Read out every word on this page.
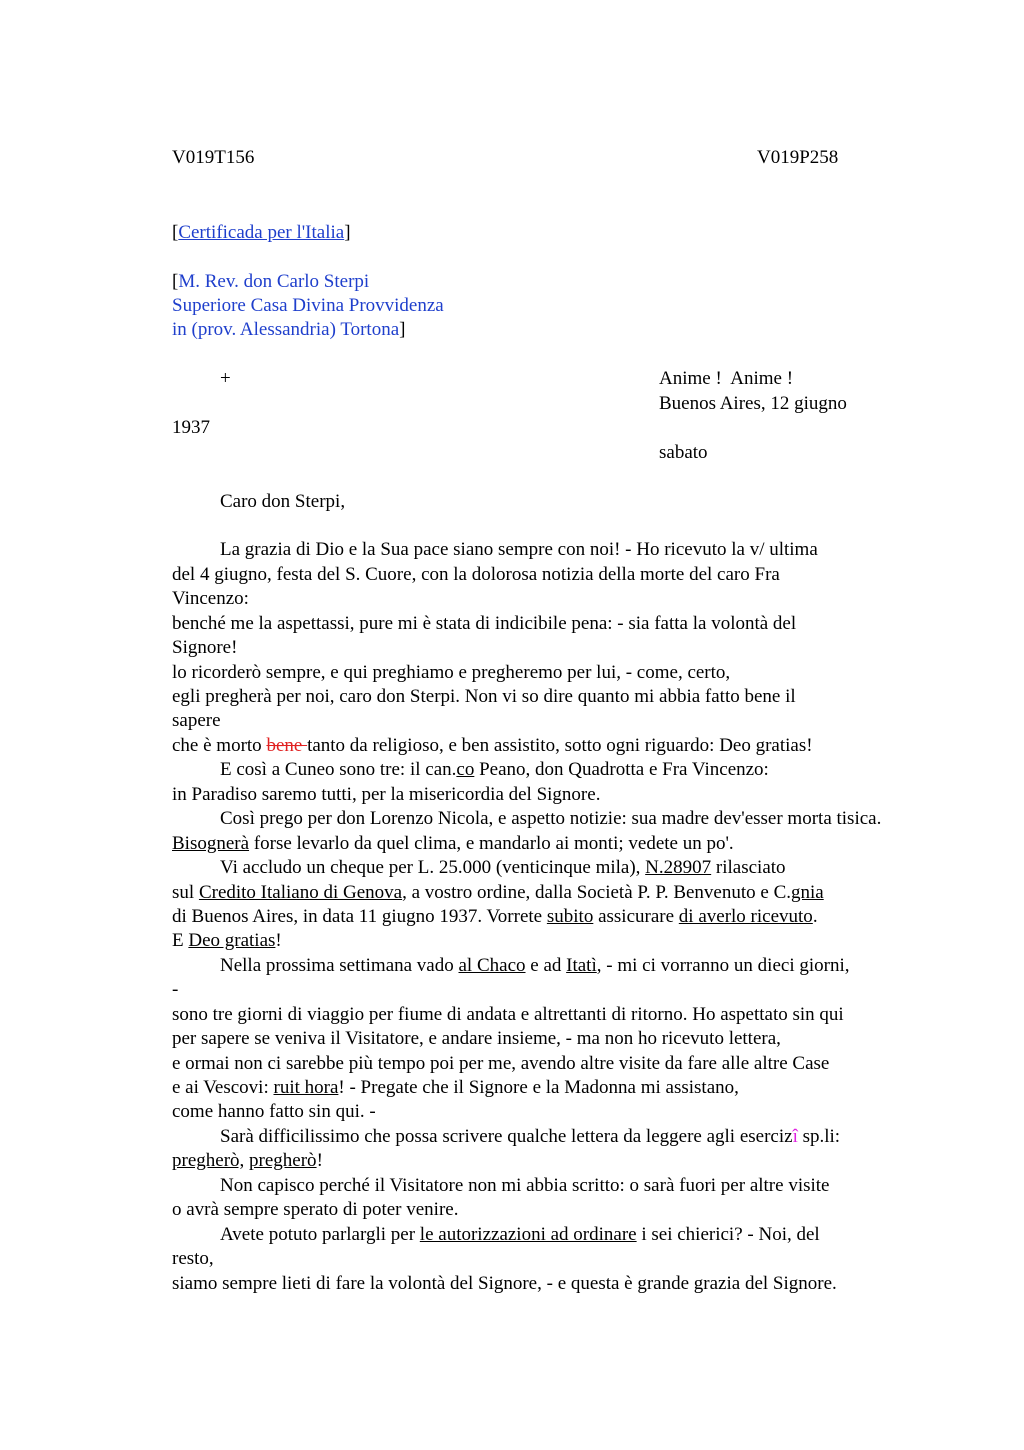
V019T156	V019P258
[Certificada per l'Italia]
[M. Rev. don Carlo Sterpi
Superiore Casa Divina Provvidenza
in (prov. Alessandria) Tortona]
+	Anime !  Anime !
Buenos Aires, 12 giugno
1937
sabato
Caro don Sterpi,
La grazia di Dio e la Sua pace siano sempre con noi! - Ho ricevuto la v/ ultima
del 4 giugno, festa del S. Cuore, con la dolorosa notizia della morte del caro Fra
Vincenzo:
benché me la aspettassi, pure mi è stata di indicibile pena: - sia fatta la volontà del
Signore!
lo ricorderò sempre, e qui preghiamo e pregheremo per lui, - come, certo,
egli pregherà per noi, caro don Sterpi. Non vi so dire quanto mi abbia fatto bene il
sapere
che è morto bene tanto da religioso, e ben assistito, sotto ogni riguardo: Deo gratias!
E così a Cuneo sono tre: il can.co Peano, don Quadrotta e Fra Vincenzo:
in Paradiso saremo tutti, per la misericordia del Signore.
Così prego per don Lorenzo Nicola, e aspetto notizie: sua madre dev'esser morta tisica.
Bisognerà forse levarlo da quel clima, e mandarlo ai monti; vedete un po'.
Vi accludo un cheque per L. 25.000 (venticinque mila), N.28907 rilasciato
sul Credito Italiano di Genova, a vostro ordine, dalla Società P. P. Benvenuto e C.gnia
di Buenos Aires, in data 11 giugno 1937. Vorrete subito assicurare di averlo ricevuto.
E Deo gratias!
Nella prossima settimana vado al Chaco e ad Itatì, - mi ci vorranno un dieci giorni,
-
sono tre giorni di viaggio per fiume di andata e altrettanti di ritorno. Ho aspettato sin qui
per sapere se veniva il Visitatore, e andare insieme, - ma non ho ricevuto lettera,
e ormai non ci sarebbe più tempo poi per me, avendo altre visite da fare alle altre Case
e ai Vescovi: ruit hora! - Pregate che il Signore e la Madonna mi assistano,
come hanno fatto sin qui. -
Sarà difficilissimo che possa scrivere qualche lettera da leggere agli esercizî sp.li:
pregherò, pregherò!
Non capisco perché il Visitatore non mi abbia scritto: o sarà fuori per altre visite
o avrà sempre sperato di poter venire.
Avete potuto parlargli per le autorizzazioni ad ordinare i sei chierici? - Noi, del
resto,
siamo sempre lieti di fare la volontà del Signore, - e questa è grande grazia del Signore.
